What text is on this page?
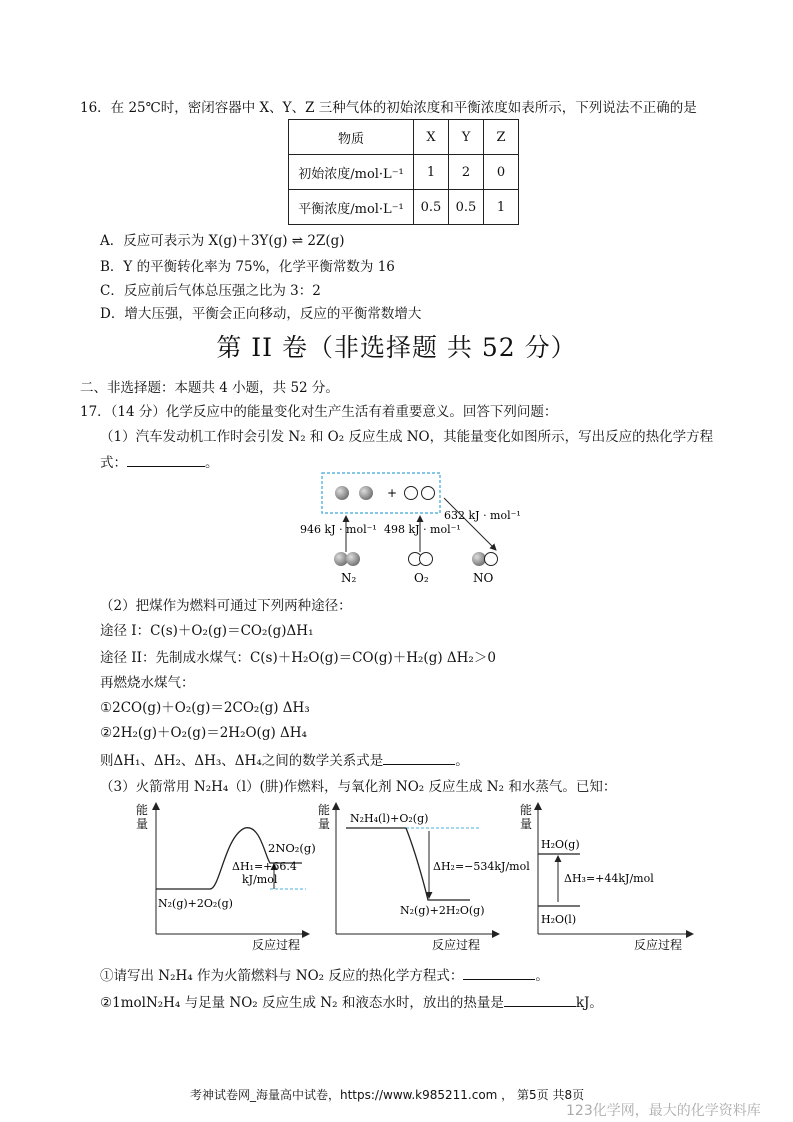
16．在 25℃时，密闭容器中 X、Y、Z 三种气体的初始浓度和平衡浓度如表所示，下列说法不正确的是
物质	X	Y	Z
初始浓度/mol·L⁻¹	1	2	0
平衡浓度/mol·L⁻¹	0.5	0.5	1
A．反应可表示为 X(g)＋3Y(g) ⇌ 2Z(g)
B．Y 的平衡转化率为 75%，化学平衡常数为 16
C．反应前后气体总压强之比为 3：2
D．增大压强，平衡会正向移动，反应的平衡常数增大
第 II 卷（非选择题 共 52 分）
二、非选择题：本题共 4 小题，共 52 分。
17．（14 分）化学反应中的能量变化对生产生活有着重要意义。回答下列问题：
（1）汽车发动机工作时会引发 N₂ 和 O₂ 反应生成 NO，其能量变化如图所示，写出反应的热化学方程
式：	。
+
946 kJ · mol⁻¹ 498 kJ · mol⁻¹
632 kJ · mol⁻¹
N₂	O₂	NO
（2）把煤作为燃料可通过下列两种途径：
途径 I：C(s)＋O₂(g)＝CO₂(g)ΔH₁
途径 II：先制成水煤气：C(s)＋H₂O(g)＝CO(g)＋H₂(g) ΔH₂＞0
再燃烧水煤气：
①2CO(g)＋O₂(g)＝2CO₂(g) ΔH₃
②2H₂(g)＋O₂(g)＝2H₂O(g) ΔH₄
则ΔH₁、ΔH₂、ΔH₃、ΔH₄之间的数学关系式是	。
（3）火箭常用 N₂H₄（l）(肼)作燃料，与氧化剂 NO₂ 反应生成 N₂ 和水蒸气。已知：
能
量
反应过程
2NO₂(g)
ΔH₁=+66.4
kJ/mol
N₂(g)+2O₂(g)
能
量
反应过程
N₂H₄(l)+O₂(g)
ΔH₂=−534kJ/mol
N₂(g)+2H₂O(g)
能
量
反应过程
H₂O(g)
ΔH₃=+44kJ/mol
H₂O(l)
①请写出 N₂H₄ 作为火箭燃料与 NO₂ 反应的热化学方程式：	。
②1molN₂H₄ 与足量 NO₂ 反应生成 N₂ 和液态水时，放出的热量是	kJ。
考神试卷网_海量高中试卷，https://www.k985211.com ， 第5页 共8页
123化学网，最大的化学资料库
